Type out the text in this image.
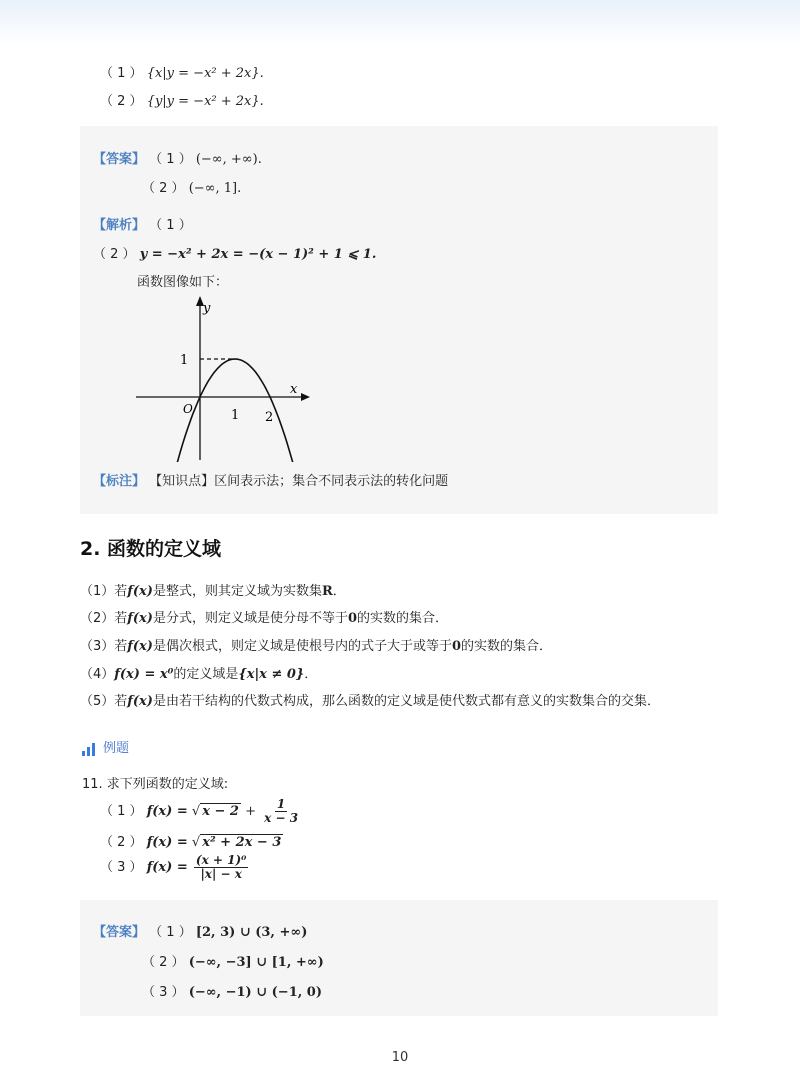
（ 1 ） {x|y = −x² + 2x}.
（ 2 ） {y|y = −x² + 2x}.
【答案】 （ 1 ） (−∞, +∞).
（ 2 ） (−∞, 1].
【解析】 （ 1 ）
（ 2 ） y = −x² + 2x = −(x − 1)² + 1 ⩽ 1.
函数图像如下：
y
x
O	1 2
1
【标注】 【知识点】区间表示法；集合不同表示法的转化问题
2. 函数的定义域
（1）若f(x)是整式，则其定义域为实数集R．
（2）若f(x)是分式，则定义域是使分母不等于0的实数的集合．
（3）若f(x)是偶次根式，则定义域是使根号内的式子大于或等于0的实数的集合．
（4）f(x) = x⁰的定义域是{x|x ≠ 0}．
（5）若f(x)是由若干结构的代数式构成，那么函数的定义域是使代数式都有意义的实数集合的交集．
例题
11. 求下列函数的定义域:
（ 1 ） f(x) = √ $x - 2 + \frac{1}{x - 3}$
（ 2 ） f(x) = √ x² + 2x − 3
（ 3 ） $f(x) = \frac{\text{(x + 1)⁰}}{|x| - x}$
【答案】 （ 1 ） [2, 3) ∪ (3, +∞)
（ 2 ） (−∞, −3] ∪ [1, +∞)
（ 3 ） (−∞, −1) ∪ (−1, 0)
10
